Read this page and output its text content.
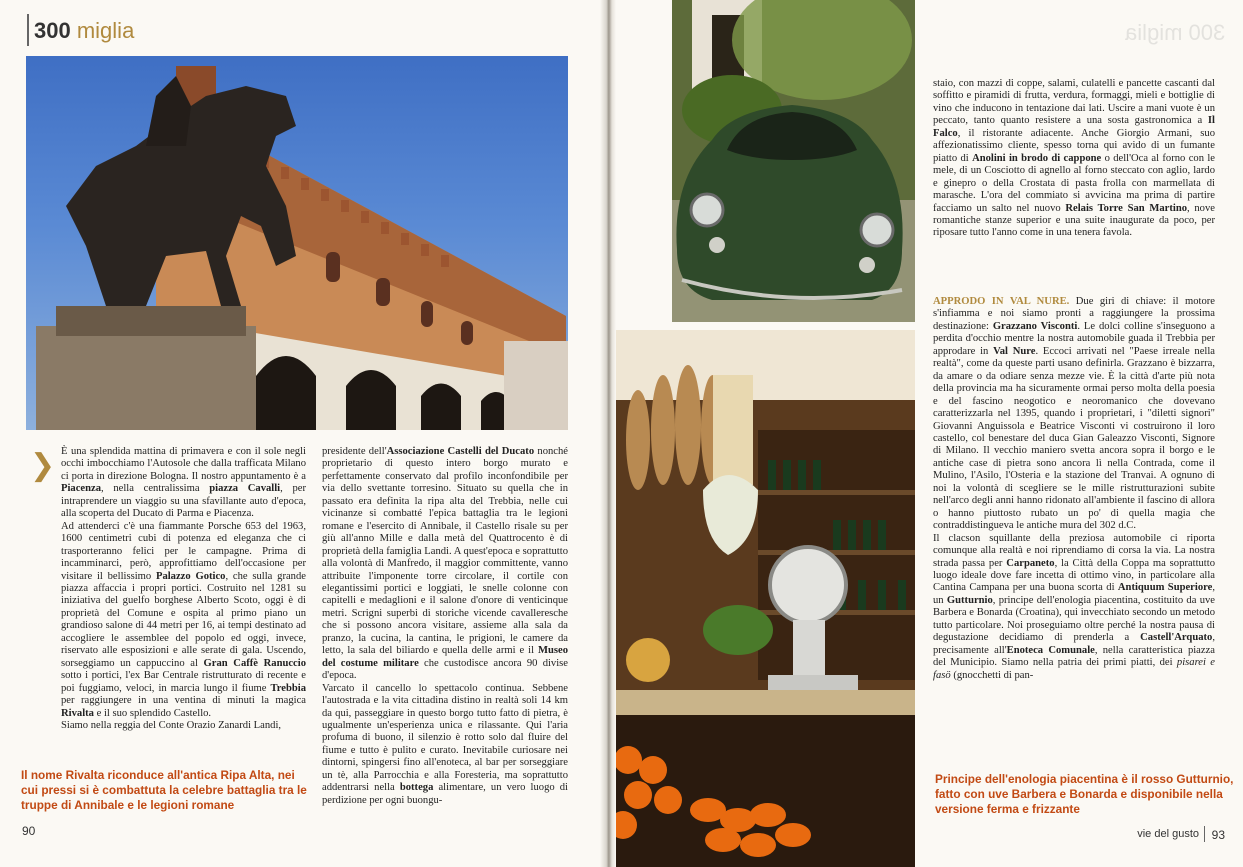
300 miglia
❯ È una splendida mattina di primavera e con il sole negli occhi imbocchiamo l'Autosole che dalla trafficata Milano ci porta in direzione Bologna. Il nostro appuntamento è a Piacenza, nella centralissima piazza Cavalli, per intraprendere un viaggio su una sfavillante auto d'epoca, alla scoperta del Ducato di Parma e Piacenza.

Ad attenderci c'è una fiammante Porsche 653 del 1963, 1600 centimetri cubi di potenza ed eleganza che ci trasporteranno felici per le campagne. Prima di incamminarci, però, approfittiamo dell'occasione per visitare il bellissimo Palazzo Gotico, che sulla grande piazza affaccia i propri portici. Costruito nel 1281 su iniziativa del guelfo borghese Alberto Scoto, oggi è di proprietà del Comune e ospita al primo piano un grandioso salone di 44 metri per 16, ai tempi destinato ad accogliere le assemblee del popolo ed oggi, invece, riservato alle esposizioni e alle serate di gala. Uscendo, sorseggiamo un cappuccino al Gran Caffè Ranuccio sotto i portici, l'ex Bar Centrale ristrutturato di recente e poi fuggiamo, veloci, in marcia lungo il fiume Trebbia per raggiungere in una ventina di minuti la magica Rivalta e il suo splendido Castello.

Siamo nella reggia del Conte Orazio Zanardi Landi,

presidente dell'Associazione Castelli del Ducato nonché proprietario di questo intero borgo murato e perfettamente conservato dal profilo inconfondibile per via dello svettante torresino. Situato su quella che in passato era definita la ripa alta del Trebbia, nelle cui vicinanze si combatté l'epica battaglia tra le legioni romane e l'esercito di Annibale, il Castello risale su per giù all'anno Mille e dalla metà del Quattrocento è di proprietà della famiglia Landi. A quest'epoca e soprattutto alla volontà di Manfredo, il maggior committente, vanno attribuite l'imponente torre circolare, il cortile con elegantissimi portici e loggiati, le snelle colonne con capitelli e medaglioni e il salone d'onore di venticinque metri. Scrigni superbi di storiche vicende cavalleresche che si possono ancora visitare, assieme alla sala da pranzo, la cucina, la cantina, le prigioni, le camere da letto, la sala del biliardo e quella delle armi e il Museo del costume militare che custodisce ancora 90 divise d'epoca.

Varcato il cancello lo spettacolo continua. Sebbene l'autostrada e la vita cittadina distino in realtà soli 14 km da qui, passeggiare in questo borgo tutto fatto di pietra, è ugualmente un'esperienza unica e rilassante. Qui l'aria profuma di buono, il silenzio è rotto solo dal fluire del fiume e tutto è pulito e curato. Inevitabile curiosare nei dintorni, spingersi fino all'enoteca, al bar per sorseggiare un tè, alla Parrocchia e alla Foresteria, ma soprattutto addentrarsi nella bottega alimentare, un vero luogo di perdizione per ogni buongu-

Il nome Rivalta riconduce all'antica Ripa Alta, nei cui pressi si è combattuta la celebre battaglia tra le truppe di Annibale e le legioni romane
90
300 miglia

staio, con mazzi di coppe, salami, culatelli e pancette cascanti dal soffitto e piramidi di frutta, verdura, formaggi, mieli e bottiglie di vino che inducono in tentazione dai lati. Uscire a mani vuote è un peccato, tanto quanto resistere a una sosta gastronomica a Il Falco, il ristorante adiacente. Anche Giorgio Armani, suo affezionatissimo cliente, spesso torna qui avido di un fumante piatto di Anolini in brodo di cappone o dell'Oca al forno con le mele, di un Cosciotto di agnello al forno steccato con aglio, lardo e ginepro o della Crostata di pasta frolla con marmellata di marasche. L'ora del commiato si avvicina ma prima di partire facciamo un salto nel nuovo Relais Torre San Martino, nove romantiche stanze superior e una suite inaugurate da poco, per riposare tutto l'anno come in una tenera favola.

APPRODO IN VAL NURE. Due giri di chiave: il motore s'infiamma e noi siamo pronti a raggiungere la prossima destinazione: Grazzano Visconti. Le dolci colline s'inseguono a perdita d'occhio mentre la nostra automobile guada il Trebbia per approdare in Val Nure. Eccoci arrivati nel "Paese irreale nella realtà", come da queste parti usano definirla. Grazzano è bizzarra, da amare o da odiare senza mezze vie. È la città d'arte più nota della provincia ma ha sicuramente ormai perso molta della poesia e del fascino neogotico e neoromanico che dovevano caratterizzarla nel 1395, quando i proprietari, i "diletti signori" Giovanni Anguissola e Beatrice Visconti vi costruirono il loro castello, col benestare del duca Gian Galeazzo Visconti, Signore di Milano. Il vecchio maniero svetta ancora sopra il borgo e le antiche case di pietra sono ancora lì nella Contrada, come il Mulino, l'Asilo, l'Osteria e la stazione del Tranvai. A ognuno di noi la volontà di scegliere se le mille ristrutturazioni subite nell'arco degli anni hanno ridonato all'ambiente il fascino di allora o hanno piuttosto rubato un po' di quella magia che contraddistingueva le antiche mura del 302 d.C.

Il clacson squillante della preziosa automobile ci riporta comunque alla realtà e noi riprendiamo di corsa la via. La nostra strada passa per Carpaneto, la Città della Coppa ma soprattutto luogo ideale dove fare incetta di ottimo vino, in particolare alla Cantina Campana per una buona scorta di Antiquum Superiore, un Gutturnio, principe dell'enologia piacentina, costituito da uve Barbera e Bonarda (Croatina), qui invecchiato secondo un metodo tutto particolare. Noi proseguiamo oltre perché la nostra pausa di degustazione decidiamo di prenderla a Castell'Arquato, precisamente all'Enoteca Comunale, nella caratteristica piazza del Municipio. Siamo nella patria dei primi piatti, dei pisarei e fasö (gnocchetti di pan-

Principe dell'enologia piacentina è il rosso Gutturnio, fatto con uve Barbera e Bonarda e disponibile nella versione ferma e frizzante
vie del gusto 93
